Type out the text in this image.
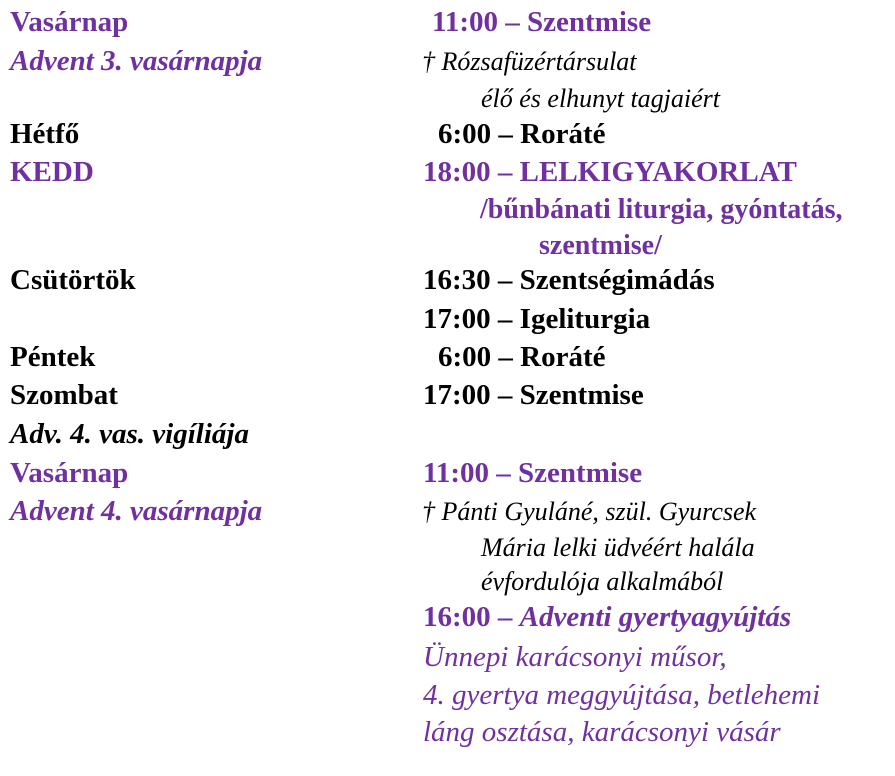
Vasárnap	11:00 – Szentmise
Advent 3. vasárnapja	† Rózsafüzértársulat
élő és elhunyt tagjaiért
Hétfő	6:00 – Roráté
KEDD	18:00 – LELKIGYAKORLAT
/bűnbánati liturgia, gyóntatás,
szentmise/
Csütörtök	16:30 – Szentségimádás
17:00 – Igeliturgia
Péntek	6:00 – Roráté
Szombat	17:00 – Szentmise
Adv. 4. vas. vigíliája
Vasárnap	11:00 – Szentmise
Advent 4. vasárnapja	† Pánti Gyuláné, szül. Gyurcsek
Mária lelki üdvéért halála
évfordulója alkalmából
16:00 – Adventi gyertyagyújtás
Ünnepi karácsonyi műsor,
4. gyertya meggyújtása, betlehemi
láng osztása, karácsonyi vásár
